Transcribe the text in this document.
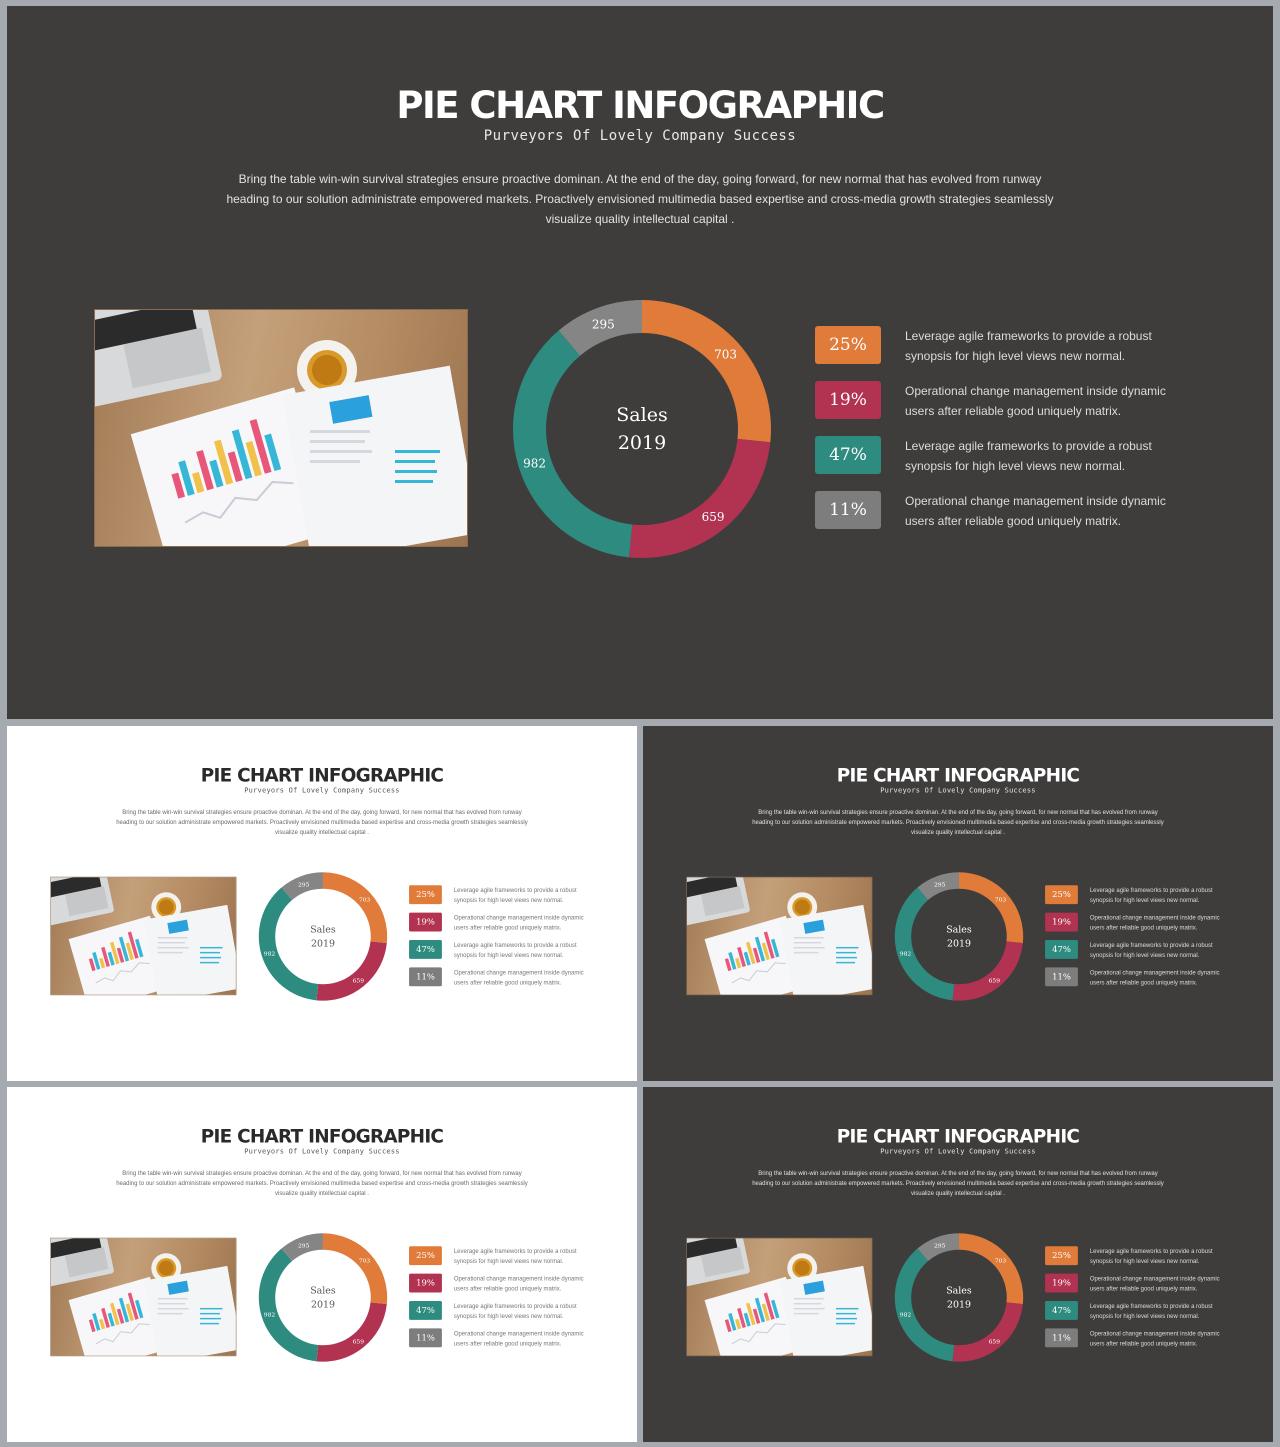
PIE CHART INFOGRAPHIC
Purveyors Of Lovely Company Success
Bring the table win-win survival strategies ensure proactive dominan. At the end of the day, going forward, for new normal that has evolved from runway heading to our solution administrate empowered markets. Proactively envisioned multimedia based expertise and cross-media growth strategies seamlessly visualize quality intellectual capital .
703
659
982
295
Sales
2019
25%	Leverage agile frameworks to provide a robust synopsis for high level views new normal.
19%	Operational change management inside dynamic users after reliable good uniquely matrix.
47%	Leverage agile frameworks to provide a robust synopsis for high level views new normal.
11%	Operational change management inside dynamic users after reliable good uniquely matrix.
PIE CHART INFOGRAPHIC
Purveyors Of Lovely Company Success
Bring the table win-win survival strategies ensure proactive dominan. At the end of the day, going forward, for new normal that has evolved from runway heading to our solution administrate empowered markets. Proactively envisioned multimedia based expertise and cross-media growth strategies seamlessly visualize quality intellectual capital .
703
659
982
295
Sales
2019
25%	Leverage agile frameworks to provide a robust synopsis for high level views new normal.
19%	Operational change management inside dynamic users after reliable good uniquely matrix.
47%	Leverage agile frameworks to provide a robust synopsis for high level views new normal.
11%	Operational change management inside dynamic users after reliable good uniquely matrix.
PIE CHART INFOGRAPHIC
Purveyors Of Lovely Company Success
Bring the table win-win survival strategies ensure proactive dominan. At the end of the day, going forward, for new normal that has evolved from runway heading to our solution administrate empowered markets. Proactively envisioned multimedia based expertise and cross-media growth strategies seamlessly visualize quality intellectual capital .
703
659
982
295
Sales
2019
25%	Leverage agile frameworks to provide a robust synopsis for high level views new normal.
19%	Operational change management inside dynamic users after reliable good uniquely matrix.
47%	Leverage agile frameworks to provide a robust synopsis for high level views new normal.
11%	Operational change management inside dynamic users after reliable good uniquely matrix.
PIE CHART INFOGRAPHIC
Purveyors Of Lovely Company Success
Bring the table win-win survival strategies ensure proactive dominan. At the end of the day, going forward, for new normal that has evolved from runway heading to our solution administrate empowered markets. Proactively envisioned multimedia based expertise and cross-media growth strategies seamlessly visualize quality intellectual capital .
703
659
982
295
Sales
2019
25%	Leverage agile frameworks to provide a robust synopsis for high level views new normal.
19%	Operational change management inside dynamic users after reliable good uniquely matrix.
47%	Leverage agile frameworks to provide a robust synopsis for high level views new normal.
11%	Operational change management inside dynamic users after reliable good uniquely matrix.
PIE CHART INFOGRAPHIC
Purveyors Of Lovely Company Success
Bring the table win-win survival strategies ensure proactive dominan. At the end of the day, going forward, for new normal that has evolved from runway heading to our solution administrate empowered markets. Proactively envisioned multimedia based expertise and cross-media growth strategies seamlessly visualize quality intellectual capital .
703
659
982
295
Sales
2019
25%	Leverage agile frameworks to provide a robust synopsis for high level views new normal.
19%	Operational change management inside dynamic users after reliable good uniquely matrix.
47%	Leverage agile frameworks to provide a robust synopsis for high level views new normal.
11%	Operational change management inside dynamic users after reliable good uniquely matrix.
